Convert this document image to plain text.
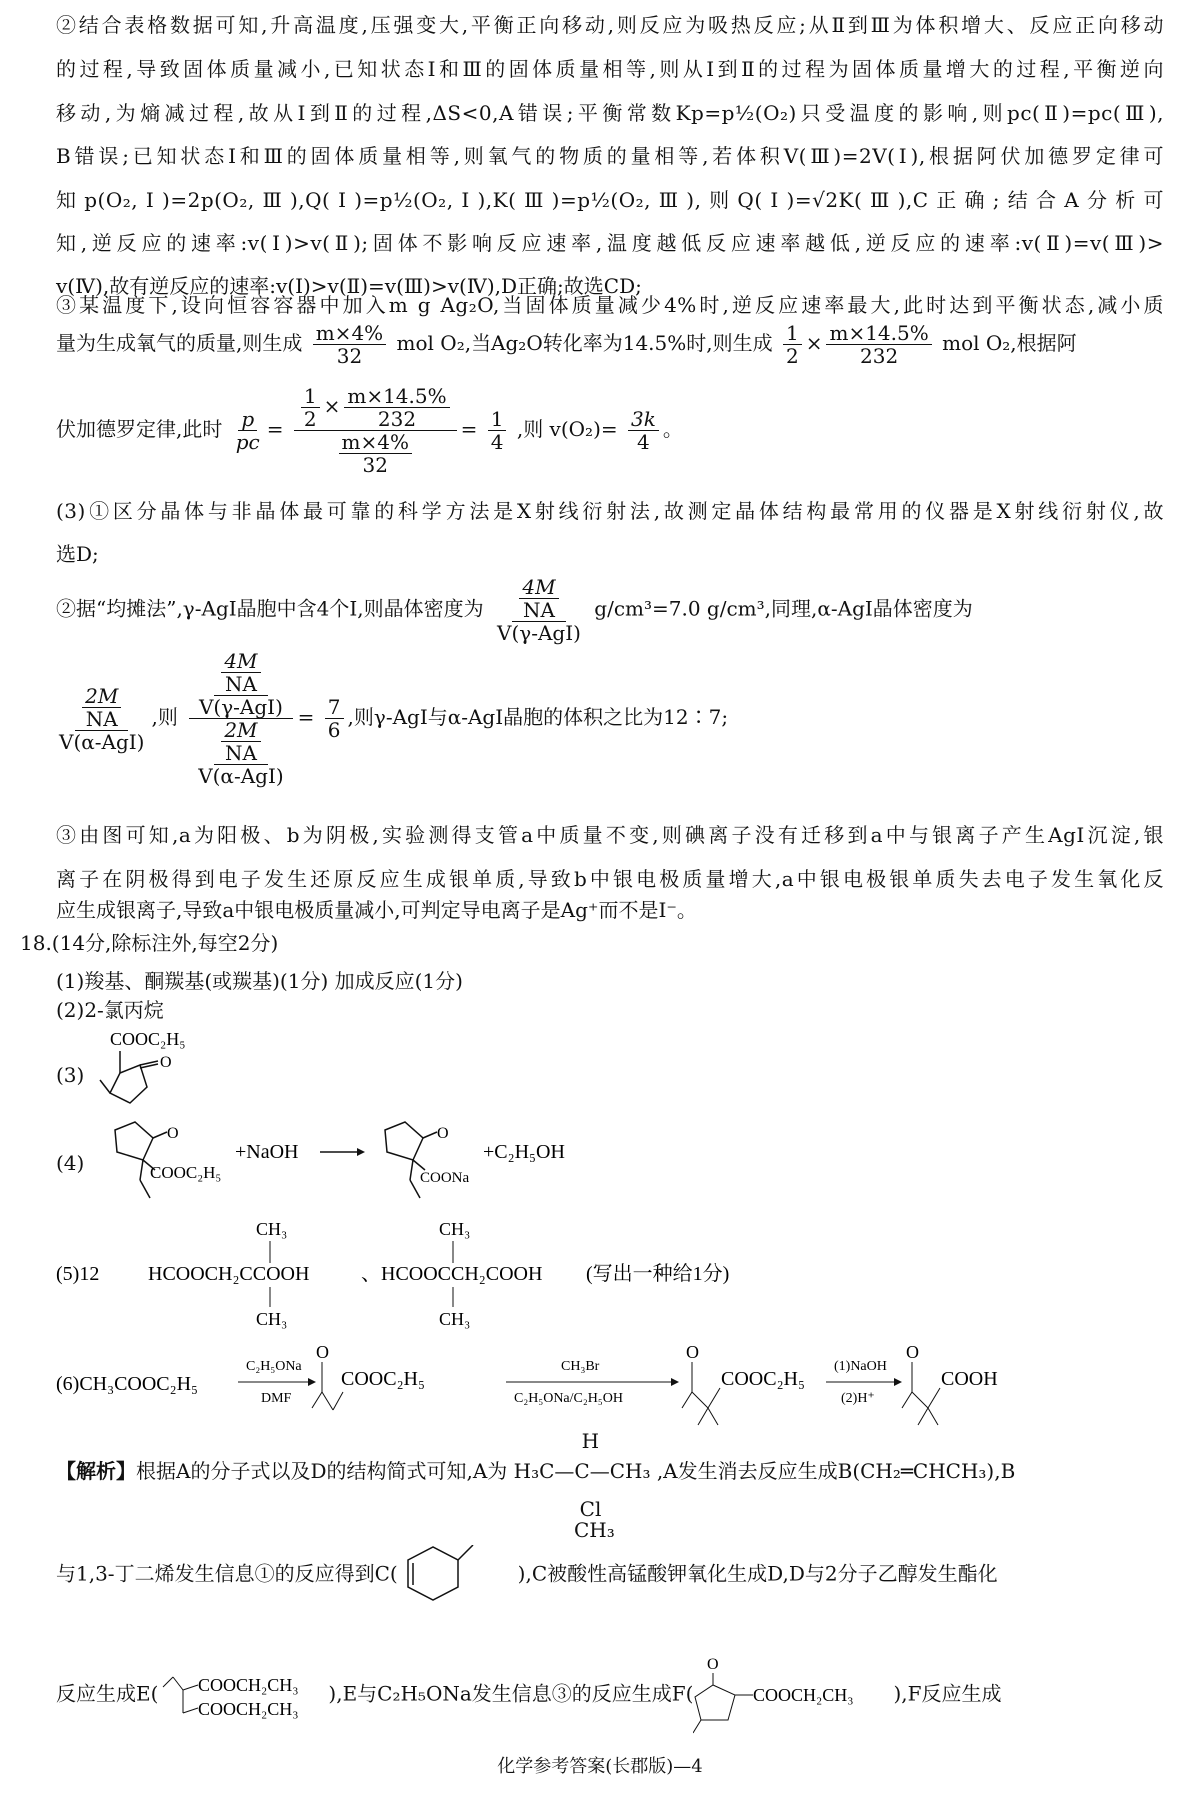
②结合表格数据可知,升高温度,压强变大,平衡正向移动,则反应为吸热反应;从Ⅱ到Ⅲ为体积增大、反应正向移动
的过程,导致固体质量减小,已知状态Ⅰ和Ⅲ的固体质量相等,则从Ⅰ到Ⅱ的过程为固体质量增大的过程,平衡逆向
移动,为熵减过程,故从Ⅰ到Ⅱ的过程,ΔS<0,A错误;平衡常数Kp=p½(O₂)只受温度的影响,则pc(Ⅱ)=pc(Ⅲ),
B错误;已知状态Ⅰ和Ⅲ的固体质量相等,则氧气的物质的量相等,若体积V(Ⅲ)=2V(Ⅰ),根据阿伏加德罗定律可
知p(O₂,Ⅰ)=2p(O₂,Ⅲ),Q(Ⅰ)=p½(O₂,Ⅰ),K(Ⅲ)=p½(O₂,Ⅲ),则Q(Ⅰ)=√2K(Ⅲ),C正确;结合A分析可
知,逆反应的速率:v(Ⅰ)>v(Ⅱ);固体不影响反应速率,温度越低反应速率越低,逆反应的速率:v(Ⅱ)=v(Ⅲ)>
v(Ⅳ),故有逆反应的速率:v(Ⅰ)>v(Ⅱ)=v(Ⅲ)>v(Ⅳ),D正确;故选CD;
③某温度下,设向恒容容器中加入m g Ag₂O,当固体质量减少4%时,逆反应速率最大,此时达到平衡状态,减小质
量为生成氧气的质量,则生成 $\frac{m\times 4\%}{32}$ mol O₂,当Ag₂O转化率为14.5%时,则生成 $\frac{1}{2} \times \frac{m\times 14.5\%}{232}$ mol O₂,根据阿
伏加德罗定律,此时 $\frac{p}{pc} = \frac{\frac{1}{2} \times \frac{m\times 14.5\%}{232}}{\frac{m\times 4\%}{32}} = \frac{1}{4}$ ,则 $v(O_2)= \frac{3k}{4}$ 。
(3)①区分晶体与非晶体最可靠的科学方法是X射线衍射法,故测定晶体结构最常用的仪器是X射线衍射仪,故
选D;
②据“均摊法”,γ-AgI晶胞中含4个I,则晶体密度为 $\frac{\frac{4M}{NA}}{\text{V(γ-AgI)}} g/cm^3=7.0$ g/cm³,同理,α-AgI晶体密度为
$\frac{\frac{2M}{NA}}{\text{V(α-AgI)}}$ ,则 $\frac{\frac{\frac{4M}{NA}}{\text{V(γ-AgI)}}}{\frac{\frac{2M}{NA}}{\text{V(α-AgI)}}} = \frac{7}{6}$ ,则γ-AgI与α-AgI晶胞的体积之比为12∶7;
③由图可知,a为阳极、b为阴极,实验测得支管a中质量不变,则碘离子没有迁移到a中与银离子产生AgI沉淀,银
离子在阴极得到电子发生还原反应生成银单质,导致b中银电极质量增大,a中银电极银单质失去电子发生氧化反
应生成银离子,导致a中银电极质量减小,可判定导电离子是Ag⁺而不是I⁻。
18.(14分,除标注外,每空2分)
(1)羧基、酮羰基(或羰基)(1分) 加成反应(1分)
(2)2-氯丙烷
(3)
COOC₂H₅
O
(4)
O
COOC₂H₅
+NaOH
O
COONa
+C₂H₅OH
(5)12 HCOOCH₂CCOOH
CH₃
CH₃
、 HCOOCCH₂COOH
CH₃
CH₃
(写出一种给1分)
(6)CH₃COOC₂H₅
C₂H₅ONa
DMF
O
COOC₂H₅
CH₃Br
C₂H₅ONa/C₂H₅OH
O
COOC₂H₅
(1)NaOH
(2)H⁺
O
COOH
【解析】根据A的分子式以及D的结构简式可知,A为
H
H₃C—C—CH₃
Cl
,A发生消去反应生成B(CH₂═CHCH₃),B
与1,3-丁二烯发生信息①的反应得到C(
CH₃
),C被酸性高锰酸钾氧化生成D,D与2分子乙醇发生酯化
反应生成E( COOCH₂CH₃
COOCH₂CH₃
),E与C₂H₅ONa发生信息③的反应生成F(
O
COOCH₂CH₃ ),F反应生成
化学参考答案(长郡版)—4
